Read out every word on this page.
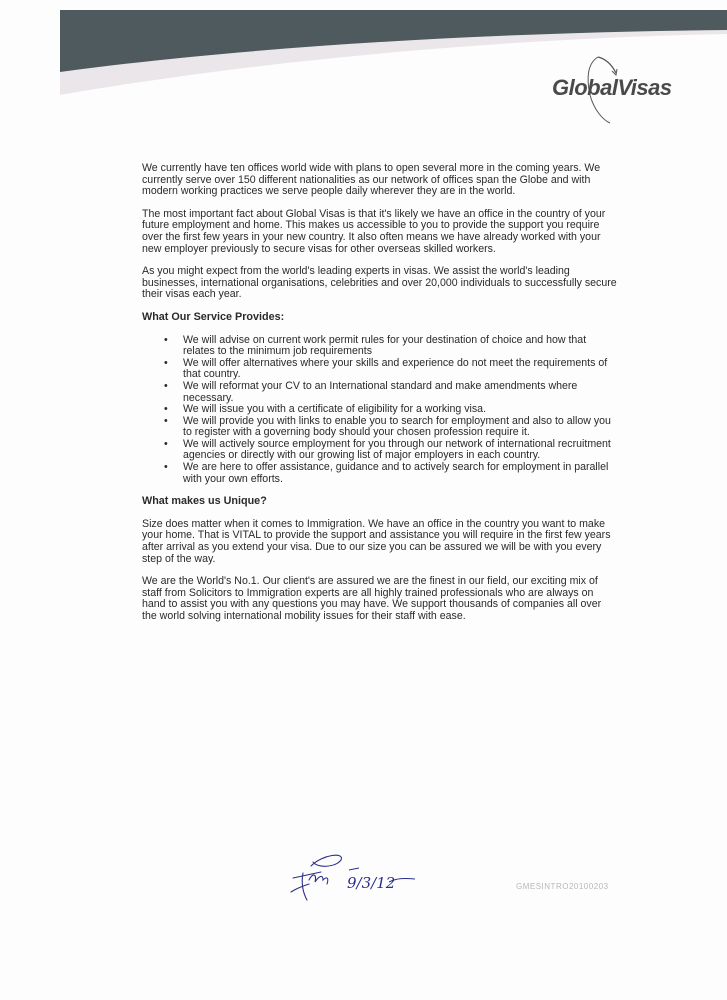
GlobalVisas

We currently have ten offices world wide with plans to open several more in the coming years. We currently serve over 150 different nationalities as our network of offices span the Globe and with modern working practices we serve people daily wherever they are in the world.

The most important fact about Global Visas is that it's likely we have an office in the country of your future employment and home. This makes us accessible to you to provide the support you require over the first few years in your new country. It also often means we have already worked with your new employer previously to secure visas for other overseas skilled workers.

As you might expect from the world's leading experts in visas. We assist the world's leading businesses, international organisations, celebrities and over 20,000 individuals to successfully secure their visas each year.

What Our Service Provides:
• We will advise on current work permit rules for your destination of choice and how that relates to the minimum job requirements
• We will offer alternatives where your skills and experience do not meet the requirements of that country.
• We will reformat your CV to an International standard and make amendments where necessary.
• We will issue you with a certificate of eligibility for a working visa.
• We will provide you with links to enable you to search for employment and also to allow you to register with a governing body should your chosen profession require it.
• We will actively source employment for you through our network of international recruitment agencies or directly with our growing list of major employers in each country.
• We are here to offer assistance, guidance and to actively search for employment in parallel with your own efforts.
What makes us Unique?

Size does matter when it comes to Immigration. We have an office in the country you want to make your home. That is VITAL to provide the support and assistance you will require in the first few years after arrival as you extend your visa. Due to our size you can be assured we will be with you every step of the way.

We are the World's No.1. Our client's are assured we are the finest in our field, our exciting mix of staff from Solicitors to Immigration experts are all highly trained professionals who are always on hand to assist you with any questions you may have. We support thousands of companies all over the world solving international mobility issues for their staff with ease.

9/3/12	GMESINTRO20100203
